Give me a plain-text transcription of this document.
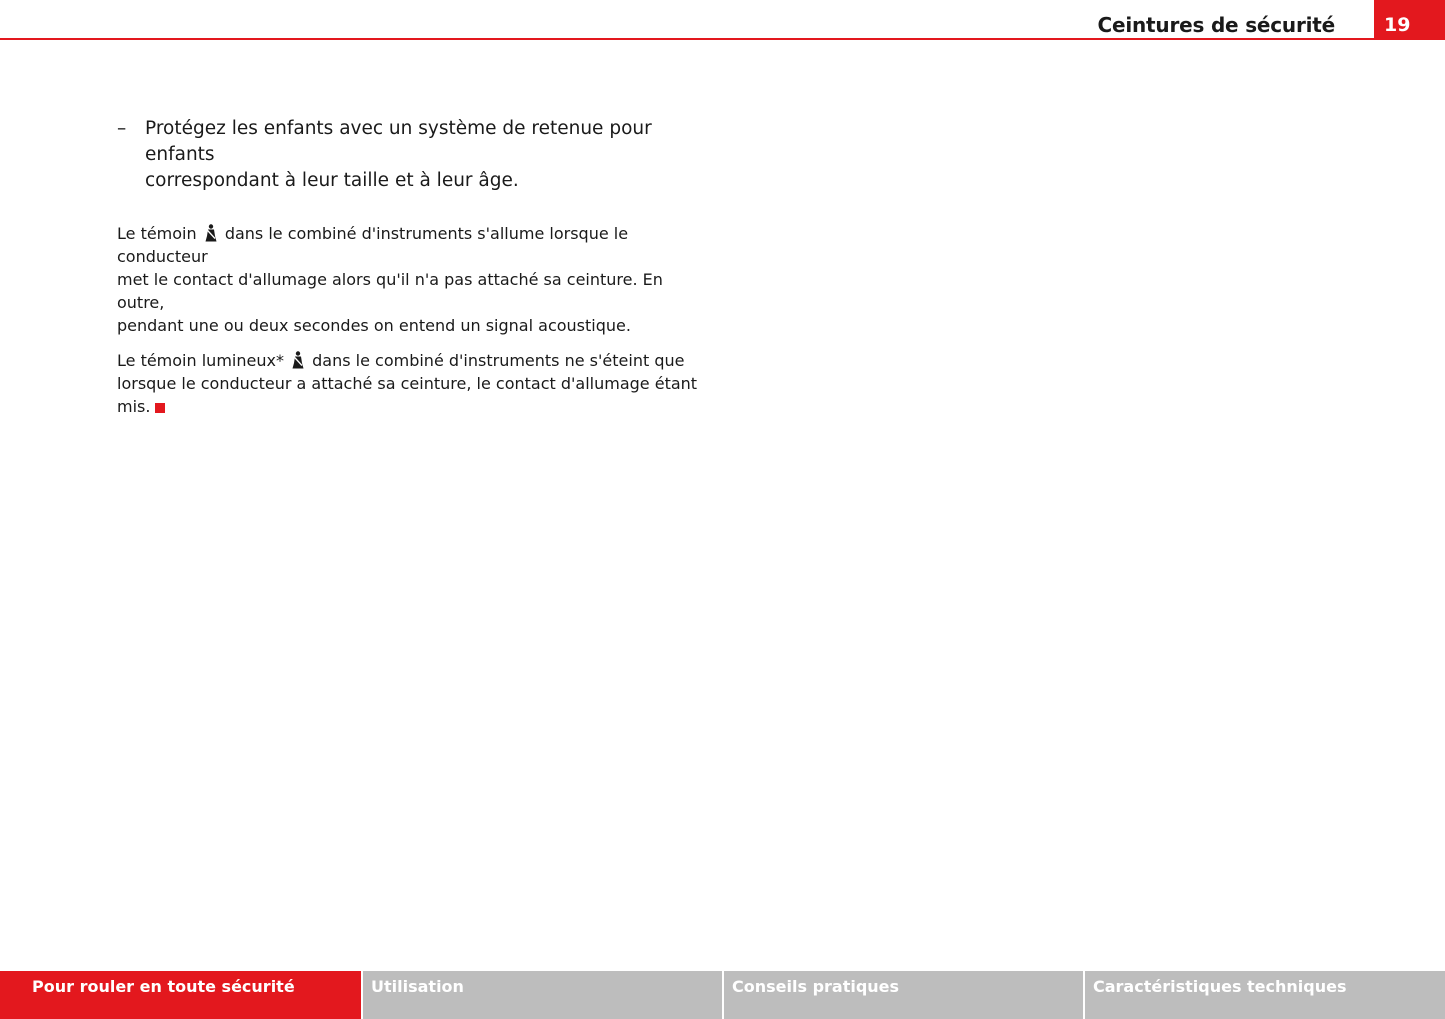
Ceintures de sécurité	19
–	Protégez les enfants avec un système de retenue pour enfants
correspondant à leur taille et à leur âge.

Le témoin dans le combiné d'instruments s'allume lorsque le conducteur
met le contact d'allumage alors qu'il n'a pas attaché sa ceinture. En outre,
pendant une ou deux secondes on entend un signal acoustique.

Le témoin lumineux* dans le combiné d'instruments ne s'éteint que
lorsque le conducteur a attaché sa ceinture, le contact d'allumage étant
mis.

Pour rouler en toute sécurité	Utilisation	Conseils pratiques	Caractéristiques techniques
